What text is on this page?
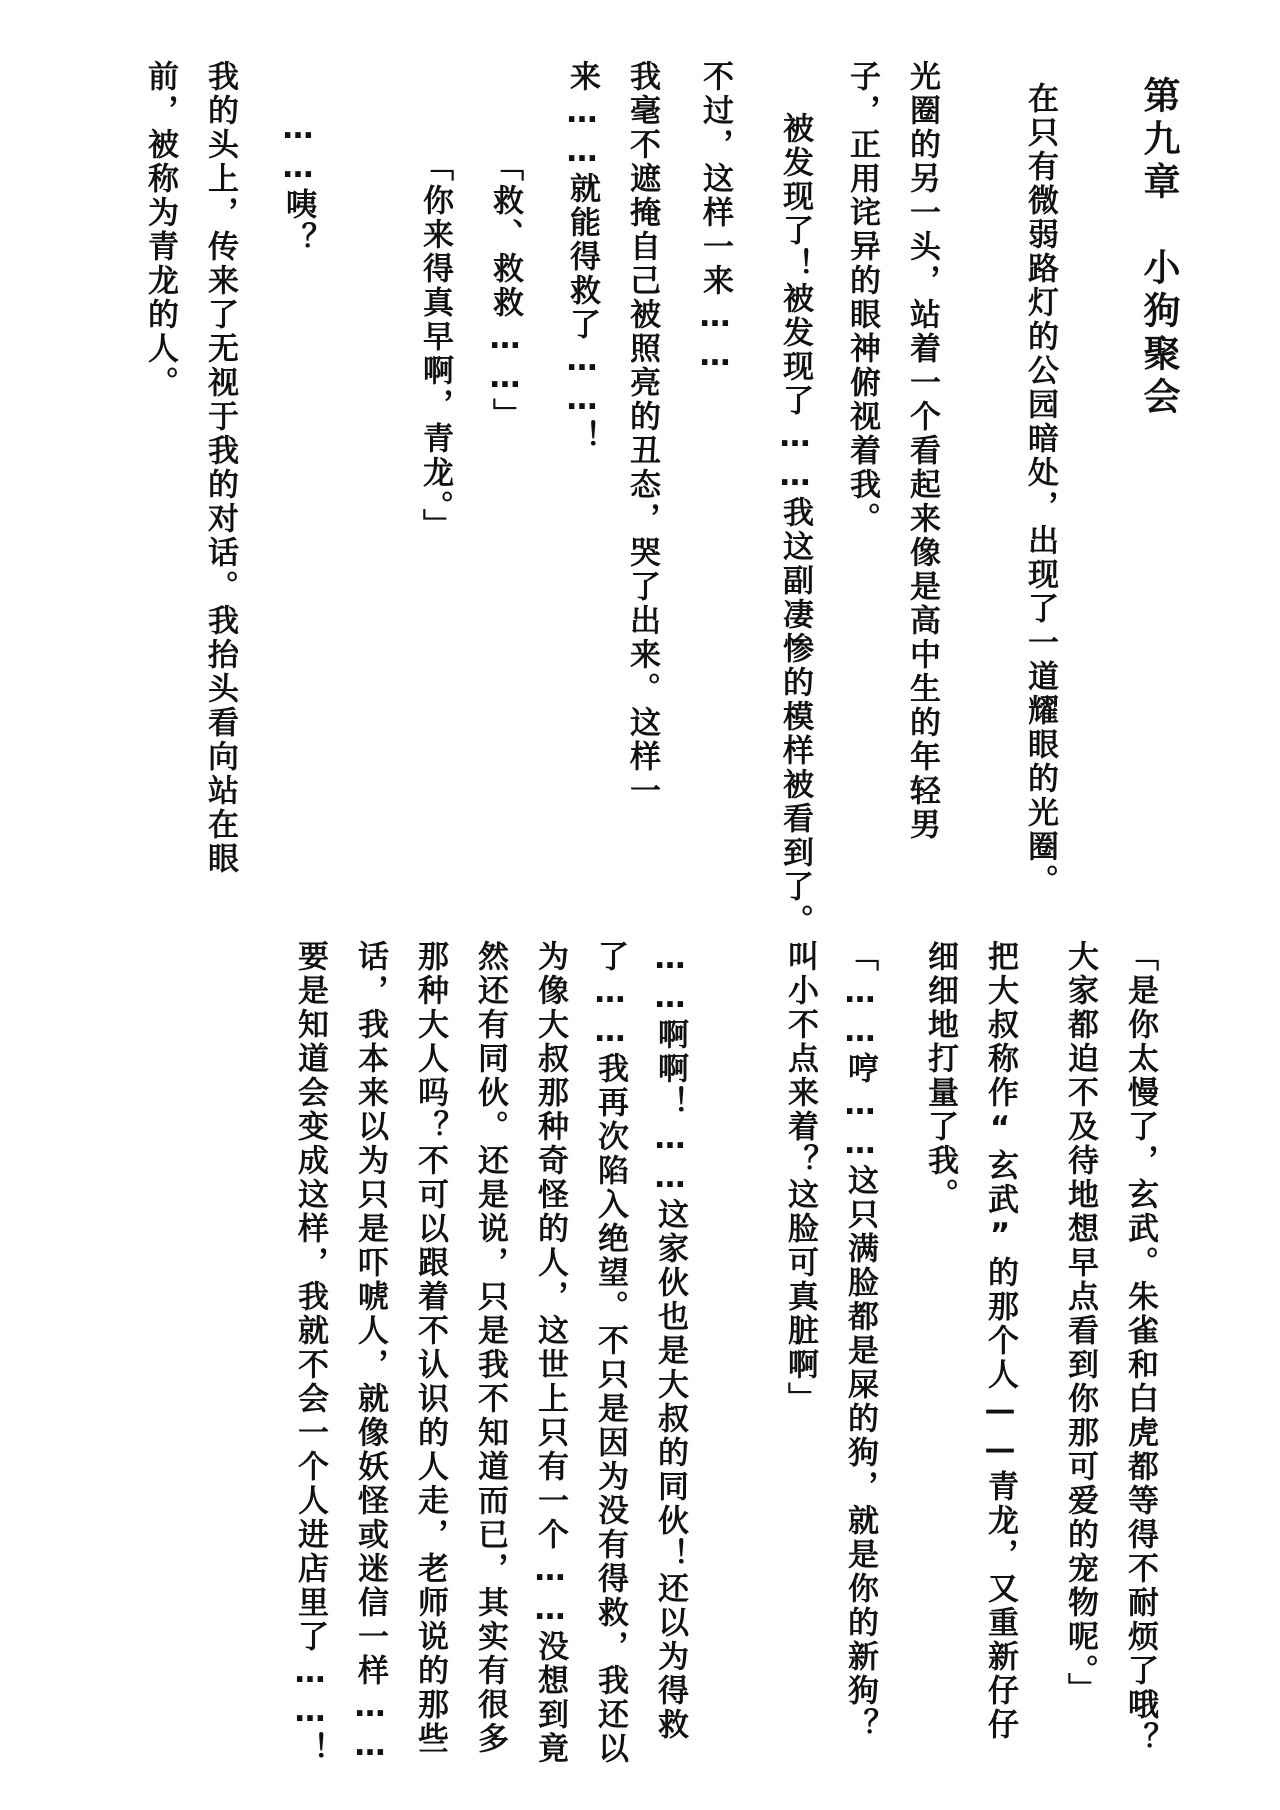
第九章　小狗聚会
在只有微弱路灯的公园暗处，出现了一道耀眼的光圈。
光圈的另一头，站着一个看起来像是高中生的年轻男子，正用诧异的眼神俯视着我。
被发现了！被发现了……我这副凄惨的模样被看到了。
不过，这样一来……
我毫不遮掩自己被照亮的丑态，哭了出来。这样一来……就能得救了……！
「救、救救……」
「你来得真早啊，青龙。」
……咦？
我的头上，传来了无视于我的对话。我抬头看向站在眼前，被称为青龙的人。
「是你太慢了，玄武。朱雀和白虎都等得不耐烦了哦？大家都迫不及待地想早点看到你那可爱的宠物呢。」
把大叔称作“玄武”的那个人——青龙，又重新仔仔细细地打量了我。
「……哼……这只满脸都是屎的狗，就是你的新狗？叫小不点来着？这脸可真脏啊」
……啊啊！……这家伙也是大叔的同伙！还以为得救了……我再次陷入绝望。不只是因为没有得救，我还以为像大叔那种奇怪的人，这世上只有一个……没想到竟然还有同伙。还是说，只是我不知道而已，其实有很多那种大人吗？不可以跟着不认识的人走，老师说的那些话，我本来以为只是吓唬人，就像妖怪或迷信一样……要是知道会变成这样，我就不会一个人进店里了……！
